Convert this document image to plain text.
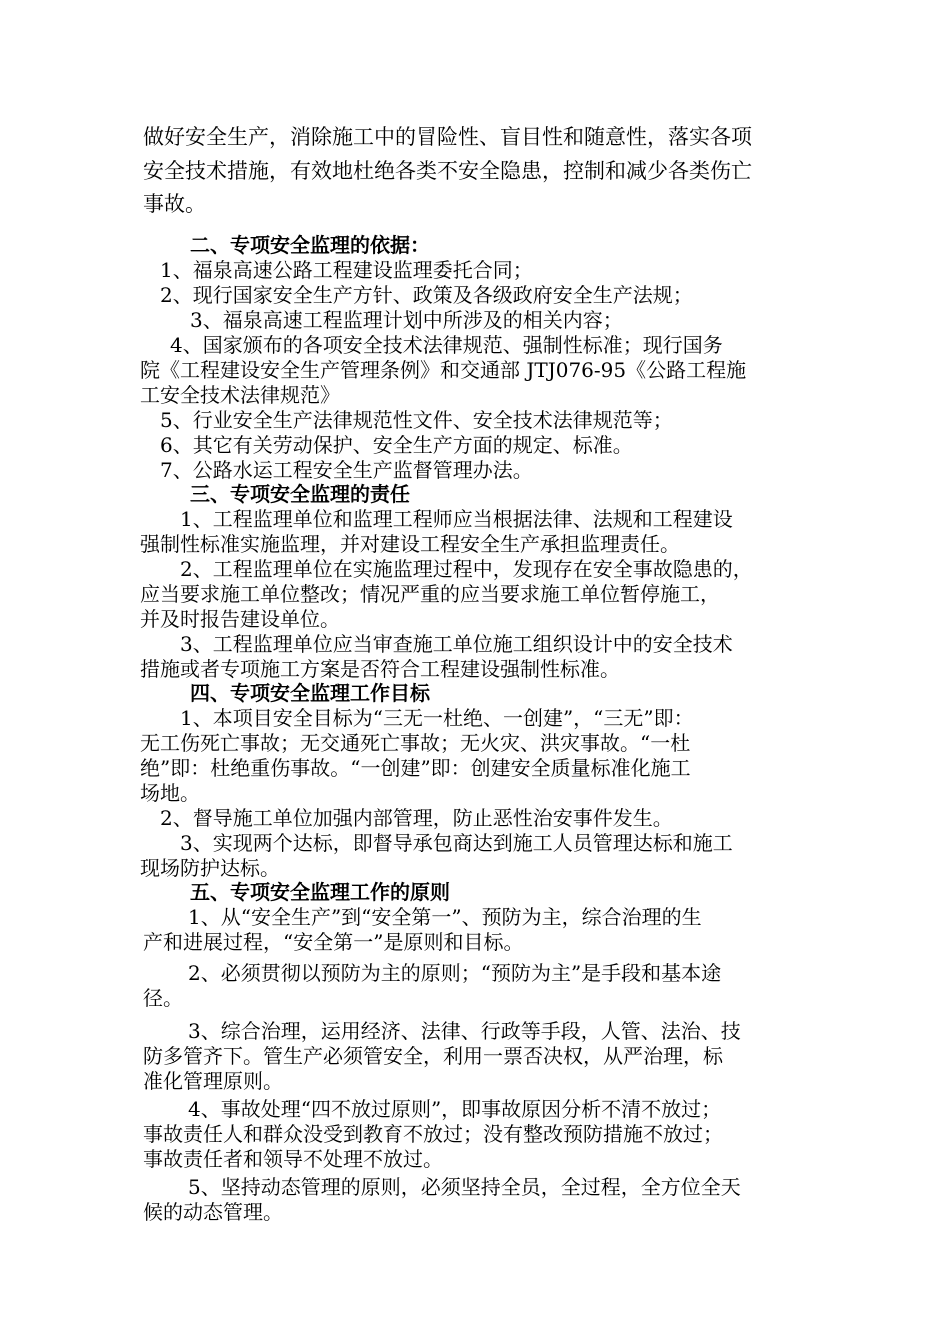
做好安全生产，消除施工中的冒险性、盲目性和随意性，落实各项

安全技术措施，有效地杜绝各类不安全隐患，控制和减少各类伤亡

事故。

二、专项安全监理的依据：

1、福泉高速公路工程建设监理委托合同；

2、现行国家安全生产方针、政策及各级政府安全生产法规；

3、福泉高速工程监理计划中所涉及的相关内容；

4、国家颁布的各项安全技术法律规范、强制性标准；现行国务

院《工程建设安全生产管理条例》和交通部 JTJ076-95《公路工程施

工安全技术法律规范》

5、行业安全生产法律规范性文件、安全技术法律规范等；

6、其它有关劳动保护、安全生产方面的规定、标准。

7、公路水运工程安全生产监督管理办法。

三、专项安全监理的责任

1、工程监理单位和监理工程师应当根据法律、法规和工程建设

强制性标准实施监理，并对建设工程安全生产承担监理责任。

2、工程监理单位在实施监理过程中，发现存在安全事故隐患的，

应当要求施工单位整改；情况严重的应当要求施工单位暂停施工，

并及时报告建设单位。

3、工程监理单位应当审查施工单位施工组织设计中的安全技术

措施或者专项施工方案是否符合工程建设强制性标准。

四、专项安全监理工作目标

1、本项目安全目标为“三无一杜绝、一创建”，“三无”即：

无工伤死亡事故；无交通死亡事故；无火灾、洪灾事故。“一杜

绝”即：杜绝重伤事故。“一创建”即：创建安全质量标准化施工

场地。

2、督导施工单位加强内部管理，防止恶性治安事件发生。

3、实现两个达标，即督导承包商达到施工人员管理达标和施工

现场防护达标。

五、专项安全监理工作的原则

1、从“安全生产”到“安全第一”、预防为主，综合治理的生

产和进展过程，“安全第一”是原则和目标。

2、必须贯彻以预防为主的原则；“预防为主”是手段和基本途

径。

3、综合治理，运用经济、法律、行政等手段，人管、法治、技

防多管齐下。管生产必须管安全，利用一票否决权，从严治理，标

准化管理原则。

4、事故处理“四不放过原则”，即事故原因分析不清不放过；

事故责任人和群众没受到教育不放过；没有整改预防措施不放过；

事故责任者和领导不处理不放过。

5、坚持动态管理的原则，必须坚持全员，全过程，全方位全天

候的动态管理。
